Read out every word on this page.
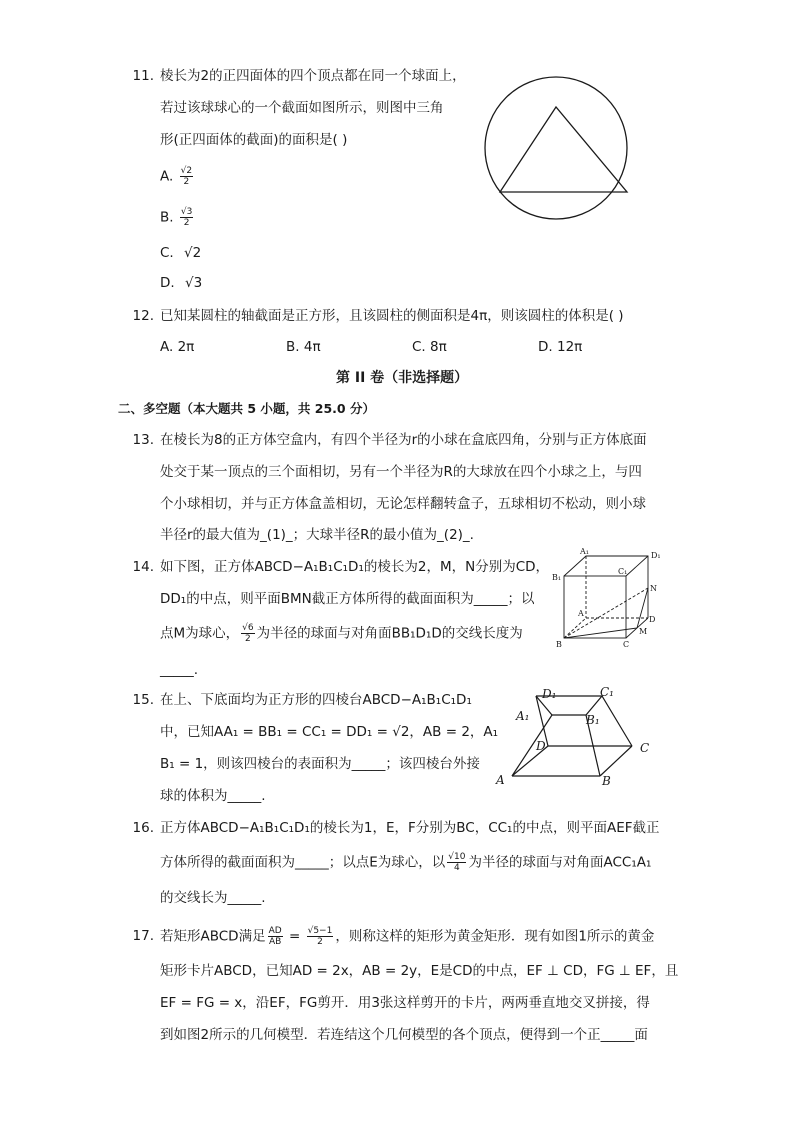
11. 棱长为2的正四面体的四个顶点都在同一个球面上，
若过该球球心的一个截面如图所示，则图中三角
形(正四面体的截面)的面积是( )
A. $\frac{√2}{2}$
B. $\frac{√3}{2}$
C. √2
D. √3
12. 已知某圆柱的轴截面是正方形，且该圆柱的侧面积是4π，则该圆柱的体积是( )
A. 2π	B. 4π	C. 8π	D. 12π
第 II 卷（非选择题）
二、多空题（本大题共 5 小题，共 25.0 分）
13. 在棱长为8的正方体空盒内，有四个半径为r的小球在盒底四角，分别与正方体底面
处交于某一顶点的三个面相切，另有一个半径为R的大球放在四个小球之上，与四
个小球相切，并与正方体盒盖相切，无论怎样翻转盒子，五球相切不松动，则小球
半径r的最大值为_(1)_；大球半径R的最小值为_(2)_.
14. 如下图，正方体ABCD−A₁B₁C₁D₁的棱长为2，M，N分别为CD，
DD₁的中点，则平面BMN截正方体所得的截面面积为_____；以
点M为球心， $\frac{√6}{2}$ 为半径的球面与对角面BB₁D₁D的交线长度为
_____.
A₁	D₁
B₁
C₁
N
A
D
M
B	C
15. 在上、下底面均为正方形的四棱台ABCD−A₁B₁C₁D₁
中，已知AA₁ = BB₁ = CC₁ = DD₁ = √2，AB = 2，A₁
B₁ = 1，则该四棱台的表面积为_____；该四棱台外接
球的体积为_____.
D₁	C₁
A₁	B₁
D	C
A	B
16. 正方体ABCD−A₁B₁C₁D₁的棱长为1，E，F分别为BC，CC₁的中点，则平面AEF截正
方体所得的截面面积为_____；以点E为球心，以 $\frac{√10}{4}$ 为半径的球面与对角面ACC₁A₁
的交线长为_____.
17. 若矩形ABCD满足 $\frac{AD}{AB} = \frac{√5-1}{2}$ ，则称这样的矩形为黄金矩形．现有如图1所示的黄金
矩形卡片ABCD，已知AD = 2x，AB = 2y，E是CD的中点，EF ⊥ CD，FG ⊥ EF，且
EF = FG = x，沿EF，FG剪开．用3张这样剪开的卡片，两两垂直地交叉拼接，得
到如图2所示的几何模型．若连结这个几何模型的各个顶点，便得到一个正_____面
